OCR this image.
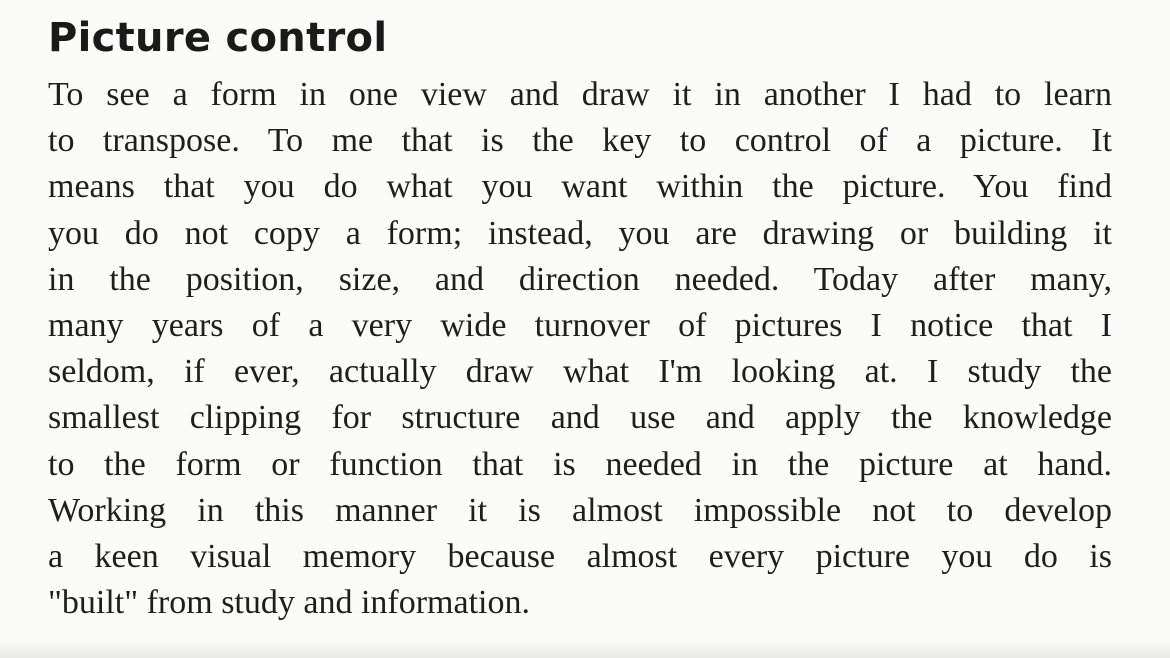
Picture control
To see a form in one view and draw it in another I had to learn
to transpose. To me that is the key to control of a picture. It
means that you do what you want within the picture. You find
you do not copy a form; instead, you are drawing or building it
in the position, size, and direction needed. Today after many,
many years of a very wide turnover of pictures I notice that I
seldom, if ever, actually draw what I'm looking at. I study the
smallest clipping for structure and use and apply the knowledge
to the form or function that is needed in the picture at hand.
Working in this manner it is almost impossible not to develop
a keen visual memory because almost every picture you do is
"built" from study and information.
